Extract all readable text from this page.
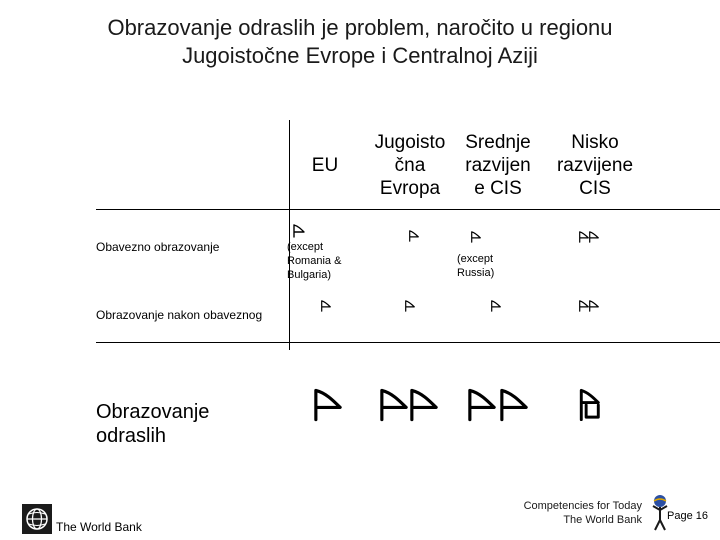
Obrazovanje odraslih je problem, naročito u regionu
Jugoistočne Evrope i Centralnoj Aziji
EU
Jugoisto
čna
Evropa
Srednje
razvijen
e CIS
Nisko
razvijene
CIS
Obavezno obrazovanje
Obrazovanje nakon obaveznog
Obrazovanje
odraslih
(except
Romania &
Bulgaria)
(except
Russia)
The World Bank
Competencies for Today
The World Bank Page 16
